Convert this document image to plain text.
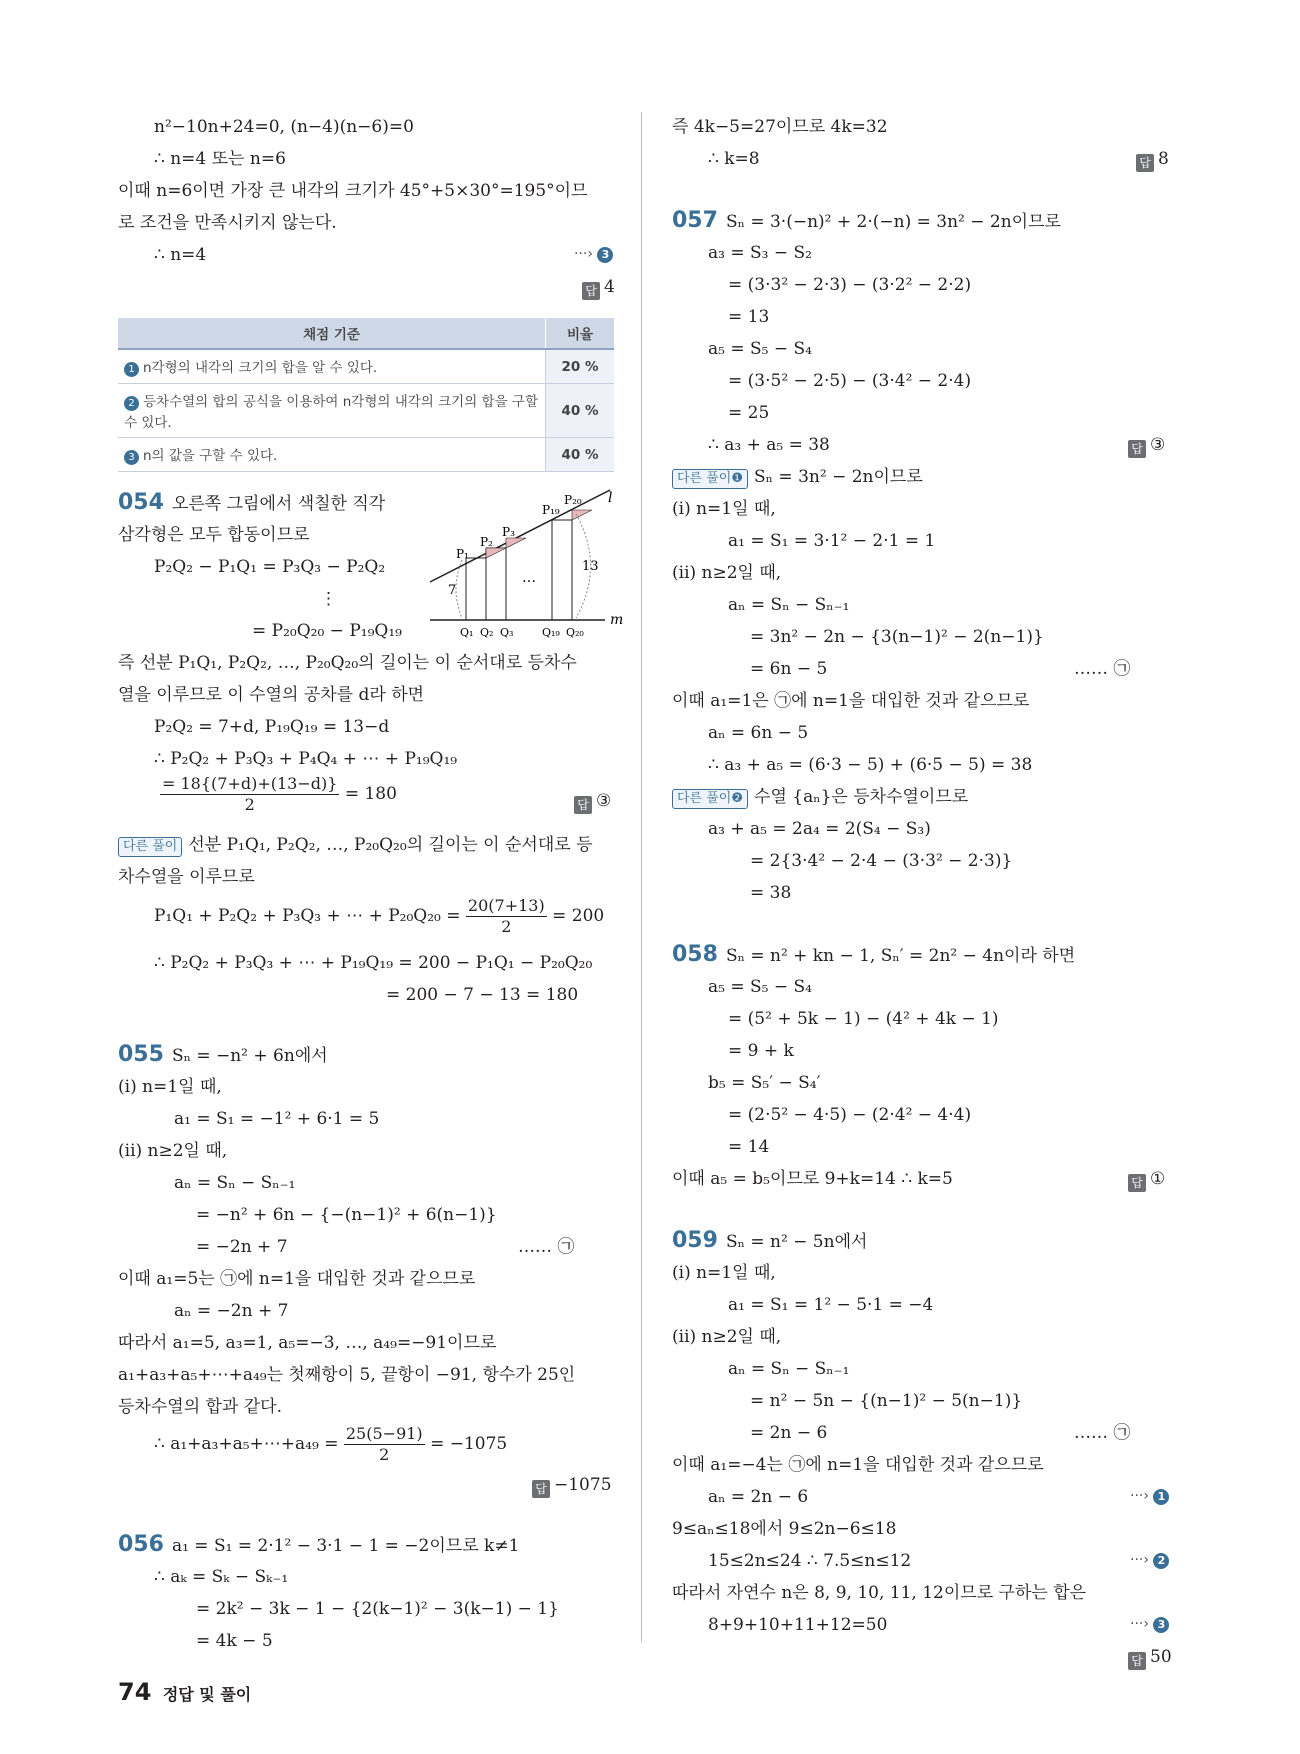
n²−10n+24=0, (n−4)(n−6)=0
∴ n=4 또는 n=6
이때 n=6이면 가장 큰 내각의 크기가 45°+5×30°=195°이므
로 조건을 만족시키지 않는다.
∴ n=4	···› 3
답 4
채점 기준	비율
1 n각형의 내각의 크기의 합을 알 수 있다.	20 %
2 등차수열의 합의 공식을 이용하여 n각형의 내각의 크기의 합을 구할 수 있다.	40 %
3 n의 값을 구할 수 있다.	40 %
054 오른쪽 그림에서 색칠한 직각
삼각형은 모두 합동이므로
P₂Q₂ − P₁Q₁ = P₃Q₃ − P₂Q₂
⋮
= P₂₀Q₂₀ − P₁₉Q₁₉
7
13
…
l
m
P₁
P₂
P₃
P₁₉
P₂₀
Q₁ Q₂ Q₃	Q₁₉ Q₂₀
즉 선분 P₁Q₁, P₂Q₂, …, P₂₀Q₂₀의 길이는 이 순서대로 등차수
열을 이루므로 이 수열의 공차를 d라 하면
P₂Q₂ = 7+d, P₁₉Q₁₉ = 13−d
∴ P₂Q₂ + P₃Q₃ + P₄Q₄ + ⋯ + P₁₉Q₁₉
$\frac{= 18\{(7+d)+(13-d)\}}{2} = 180$
답 ③
다른 풀이 선분 P₁Q₁, P₂Q₂, …, P₂₀Q₂₀의 길이는 이 순서대로 등
차수열을 이루므로
P₁Q₁ + P₂Q₂ + P₃Q₃ + ⋯ + $P_{20}Q_{20} = \frac{20(7+13)}{2} = 200$
∴ P₂Q₂ + P₃Q₃ + ⋯ + P₁₉Q₁₉ = 200 − P₁Q₁ − P₂₀Q₂₀
= 200 − 7 − 13 = 180
055 Sₙ = −n² + 6n에서
(i) n=1일 때,
a₁ = S₁ = −1² + 6·1 = 5
(ii) n≥2일 때,
aₙ = Sₙ − Sₙ₋₁
= −n² + 6n − {−(n−1)² + 6(n−1)}
= −2n + 7	…… ㉠
이때 a₁=5는 ㉠에 n=1을 대입한 것과 같으므로
aₙ = −2n + 7
따라서 a₁=5, a₃=1, a₅=−3, …, a₄₉=−91이므로
a₁+a₃+a₅+⋯+a₄₉는 첫째항이 5, 끝항이 −91, 항수가 25인
등차수열의 합과 같다.
∴ a₁+a₃+a₅+⋯+a₄₉ = $\frac{25(5-91)}{2} = -1075$
답 −1075
056 a₁ = S₁ = 2·1² − 3·1 − 1 = −2이므로 k≠1
∴ aₖ = Sₖ − Sₖ₋₁
= 2k² − 3k − 1 − {2(k−1)² − 3(k−1) − 1}
= 4k − 5
즉 4k−5=27이므로 4k=32
∴ k=8	답 8
057 Sₙ = 3·(−n)² + 2·(−n) = 3n² − 2n이므로
a₃ = S₃ − S₂
= (3·3² − 2·3) − (3·2² − 2·2)
= 13
a₅ = S₅ − S₄
= (3·5² − 2·5) − (3·4² − 2·4)
= 25
∴ a₃ + a₅ = 38	답 ③
다른 풀이❶ Sₙ = 3n² − 2n이므로
(i) n=1일 때,
a₁ = S₁ = 3·1² − 2·1 = 1
(ii) n≥2일 때,
aₙ = Sₙ − Sₙ₋₁
= 3n² − 2n − {3(n−1)² − 2(n−1)}
= 6n − 5	…… ㉠
이때 a₁=1은 ㉠에 n=1을 대입한 것과 같으므로
aₙ = 6n − 5
∴ a₃ + a₅ = (6·3 − 5) + (6·5 − 5) = 38
다른 풀이❷ 수열 {aₙ}은 등차수열이므로
a₃ + a₅ = 2a₄ = 2(S₄ − S₃)
= 2{3·4² − 2·4 − (3·3² − 2·3)}
= 38
058 Sₙ = n² + kn − 1, Sₙ′ = 2n² − 4n이라 하면
a₅ = S₅ − S₄
= (5² + 5k − 1) − (4² + 4k − 1)
= 9 + k
b₅ = S₅′ − S₄′
= (2·5² − 4·5) − (2·4² − 4·4)
= 14
이때 a₅ = b₅이므로 9+k=14 ∴ k=5	답 ①
059 Sₙ = n² − 5n에서
(i) n=1일 때,
a₁ = S₁ = 1² − 5·1 = −4
(ii) n≥2일 때,
aₙ = Sₙ − Sₙ₋₁
= n² − 5n − {(n−1)² − 5(n−1)}
= 2n − 6	…… ㉠
이때 a₁=−4는 ㉠에 n=1을 대입한 것과 같으므로
aₙ = 2n − 6	···› 1
9≤aₙ≤18에서 9≤2n−6≤18
15≤2n≤24 ∴ 7.5≤n≤12	···› 2
따라서 자연수 n은 8, 9, 10, 11, 12이므로 구하는 합은
8+9+10+11+12=50	···› 3
답 50
74 정답 및 풀이
